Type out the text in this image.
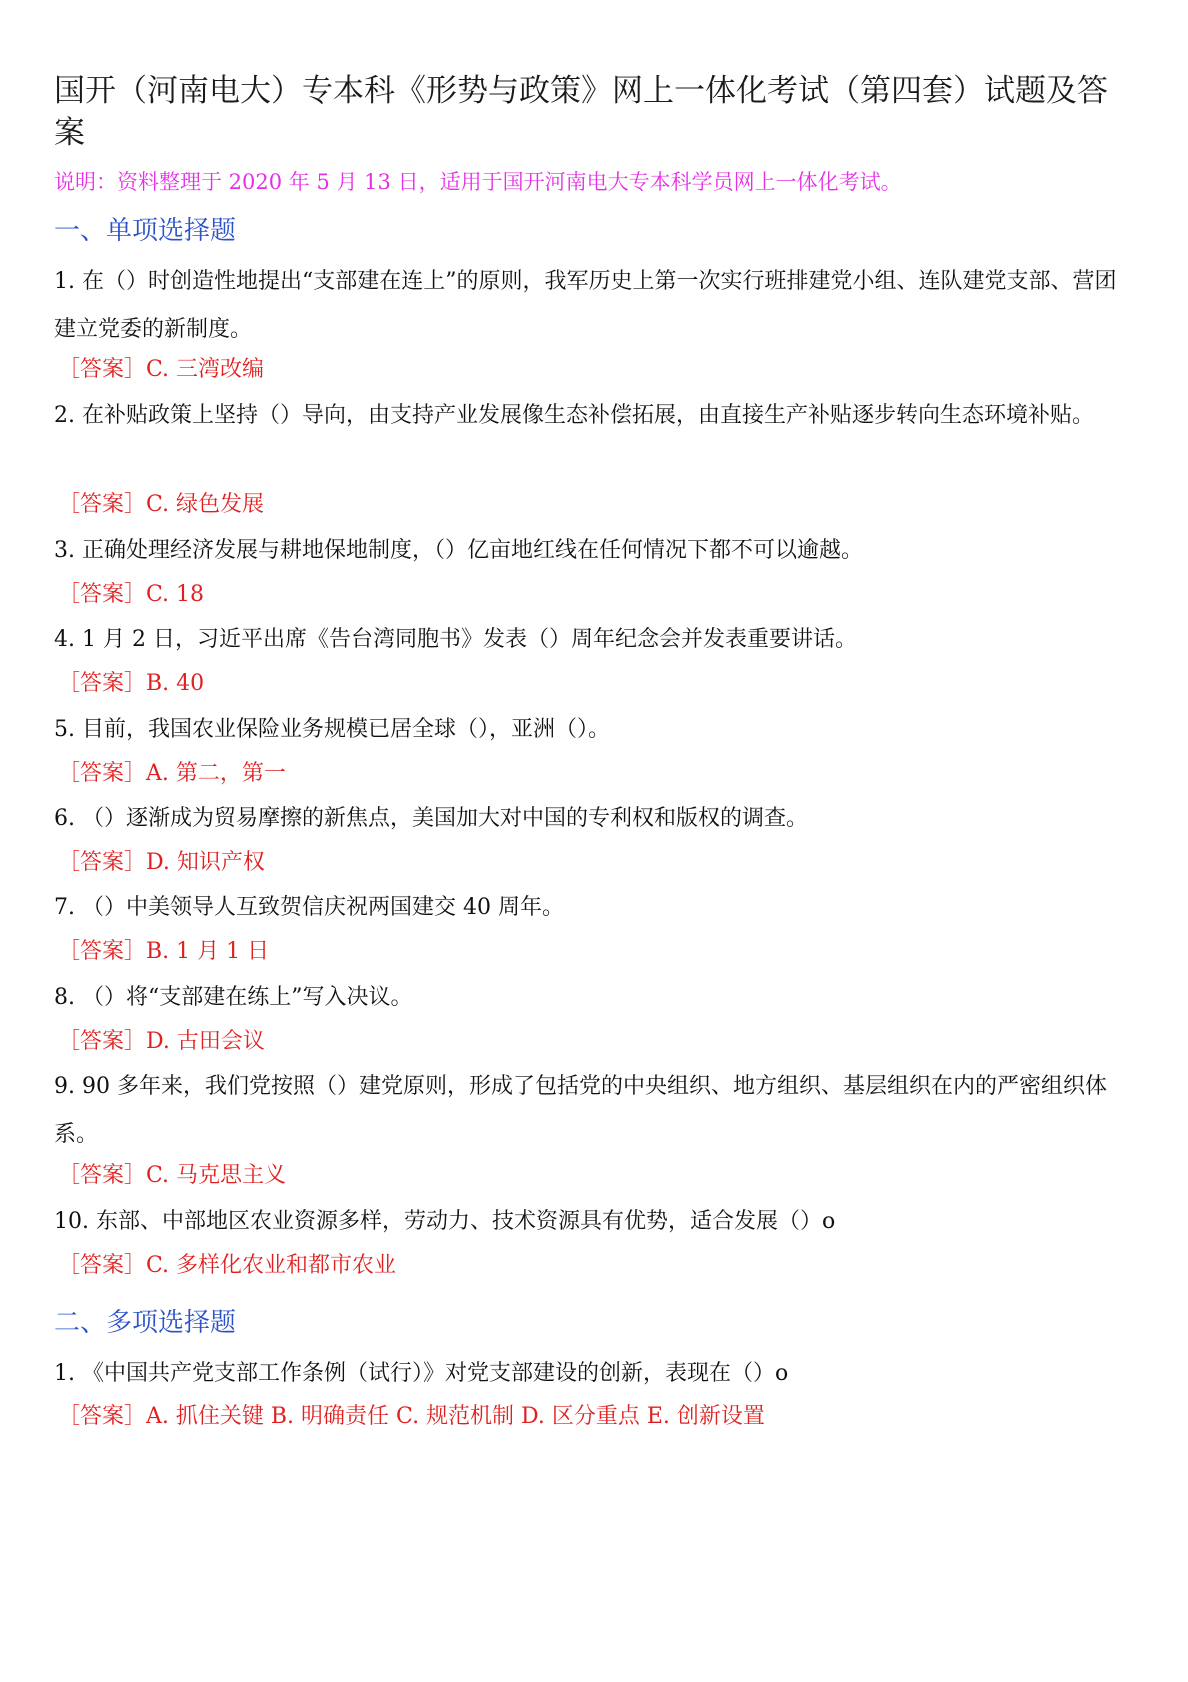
国开（河南电大）专本科《形势与政策》网上一体化考试（第四套）试题及答案
说明：资料整理于 2020 年 5 月 13 日，适用于国开河南电大专本科学员网上一体化考试。
一、单项选择题
1. 在（）时创造性地提出“支部建在连上”的原则，我军历史上第一次实行班排建党小组、连队建党支部、营团建立党委的新制度。
［答案］C. 三湾改编
2. 在补贴政策上坚持（）导向，由支持产业发展像生态补偿拓展，由直接生产补贴逐步转向生态环境补贴。
［答案］C. 绿色发展
3. 正确处理经济发展与耕地保地制度，（）亿亩地红线在任何情况下都不可以逾越。
［答案］C. 18
4. 1 月 2 日，习近平出席《告台湾同胞书》发表（）周年纪念会并发表重要讲话。
［答案］B. 40
5. 目前，我国农业保险业务规模已居全球（），亚洲（）。
［答案］A. 第二，第一
6. （）逐渐成为贸易摩擦的新焦点，美国加大对中国的专利权和版权的调查。
［答案］D. 知识产权
7. （）中美领导人互致贺信庆祝两国建交 40 周年。
［答案］B. 1 月 1 日
8. （）将“支部建在练上”写入决议。
［答案］D. 古田会议
9. 90 多年来，我们党按照（）建党原则，形成了包括党的中央组织、地方组织、基层组织在内的严密组织体系。
［答案］C. 马克思主义
10. 东部、中部地区农业资源多样，劳动力、技术资源具有优势，适合发展（）o
［答案］C. 多样化农业和都市农业
二、多项选择题
1. 《中国共产党支部工作条例（试行）》对党支部建设的创新，表现在（）o
［答案］A. 抓住关键 B. 明确责任 C. 规范机制 D. 区分重点 E. 创新设置
